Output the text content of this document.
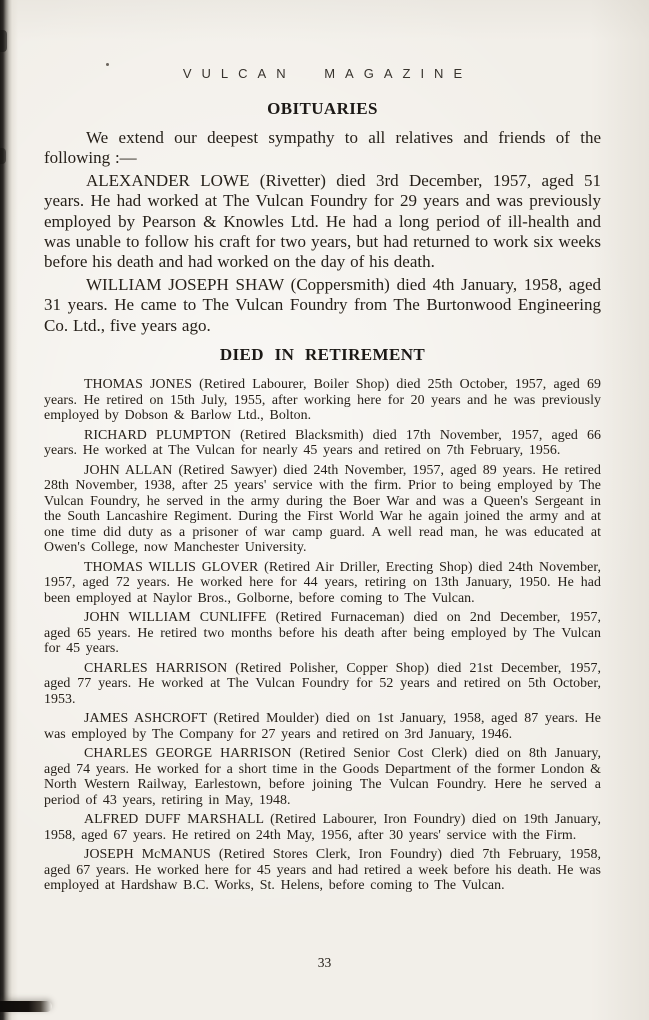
VULCAN MAGAZINE
OBITUARIES

We extend our deepest sympathy to all relatives and friends of the following :—

ALEXANDER LOWE (Rivetter) died 3rd December, 1957, aged 51 years. He had worked at The Vulcan Foundry for 29 years and was previously employed by Pearson & Knowles Ltd. He had a long period of ill-health and was unable to follow his craft for two years, but had returned to work six weeks before his death and had worked on the day of his death.

WILLIAM JOSEPH SHAW (Coppersmith) died 4th January, 1958, aged 31 years. He came to The Vulcan Foundry from The Burtonwood Engineering Co. Ltd., five years ago.

DIED IN RETIREMENT

THOMAS JONES (Retired Labourer, Boiler Shop) died 25th October, 1957, aged 69 years. He retired on 15th July, 1955, after working here for 20 years and he was previously employed by Dobson & Barlow Ltd., Bolton.

RICHARD PLUMPTON (Retired Blacksmith) died 17th November, 1957, aged 66 years. He worked at The Vulcan for nearly 45 years and retired on 7th February, 1956.

JOHN ALLAN (Retired Sawyer) died 24th November, 1957, aged 89 years. He retired 28th November, 1938, after 25 years' service with the firm. Prior to being employed by The Vulcan Foundry, he served in the army during the Boer War and was a Queen's Sergeant in the South Lancashire Regiment. During the First World War he again joined the army and at one time did duty as a prisoner of war camp guard. A well read man, he was educated at Owen's College, now Manchester University.

THOMAS WILLIS GLOVER (Retired Air Driller, Erecting Shop) died 24th November, 1957, aged 72 years. He worked here for 44 years, retiring on 13th January, 1950. He had been employed at Naylor Bros., Golborne, before coming to The Vulcan.

JOHN WILLIAM CUNLIFFE (Retired Furnaceman) died on 2nd December, 1957, aged 65 years. He retired two months before his death after being employed by The Vulcan for 45 years.

CHARLES HARRISON (Retired Polisher, Copper Shop) died 21st December, 1957, aged 77 years. He worked at The Vulcan Foundry for 52 years and retired on 5th October, 1953.

JAMES ASHCROFT (Retired Moulder) died on 1st January, 1958, aged 87 years. He was employed by The Company for 27 years and retired on 3rd January, 1946.

CHARLES GEORGE HARRISON (Retired Senior Cost Clerk) died on 8th January, aged 74 years. He worked for a short time in the Goods Department of the former London & North Western Railway, Earlestown, before joining The Vulcan Foundry. Here he served a period of 43 years, retiring in May, 1948.

ALFRED DUFF MARSHALL (Retired Labourer, Iron Foundry) died on 19th January, 1958, aged 67 years. He retired on 24th May, 1956, after 30 years' service with the Firm.

JOSEPH McMANUS (Retired Stores Clerk, Iron Foundry) died 7th February, 1958, aged 67 years. He worked here for 45 years and had retired a week before his death. He was employed at Hardshaw B.C. Works, St. Helens, before coming to The Vulcan.

33
